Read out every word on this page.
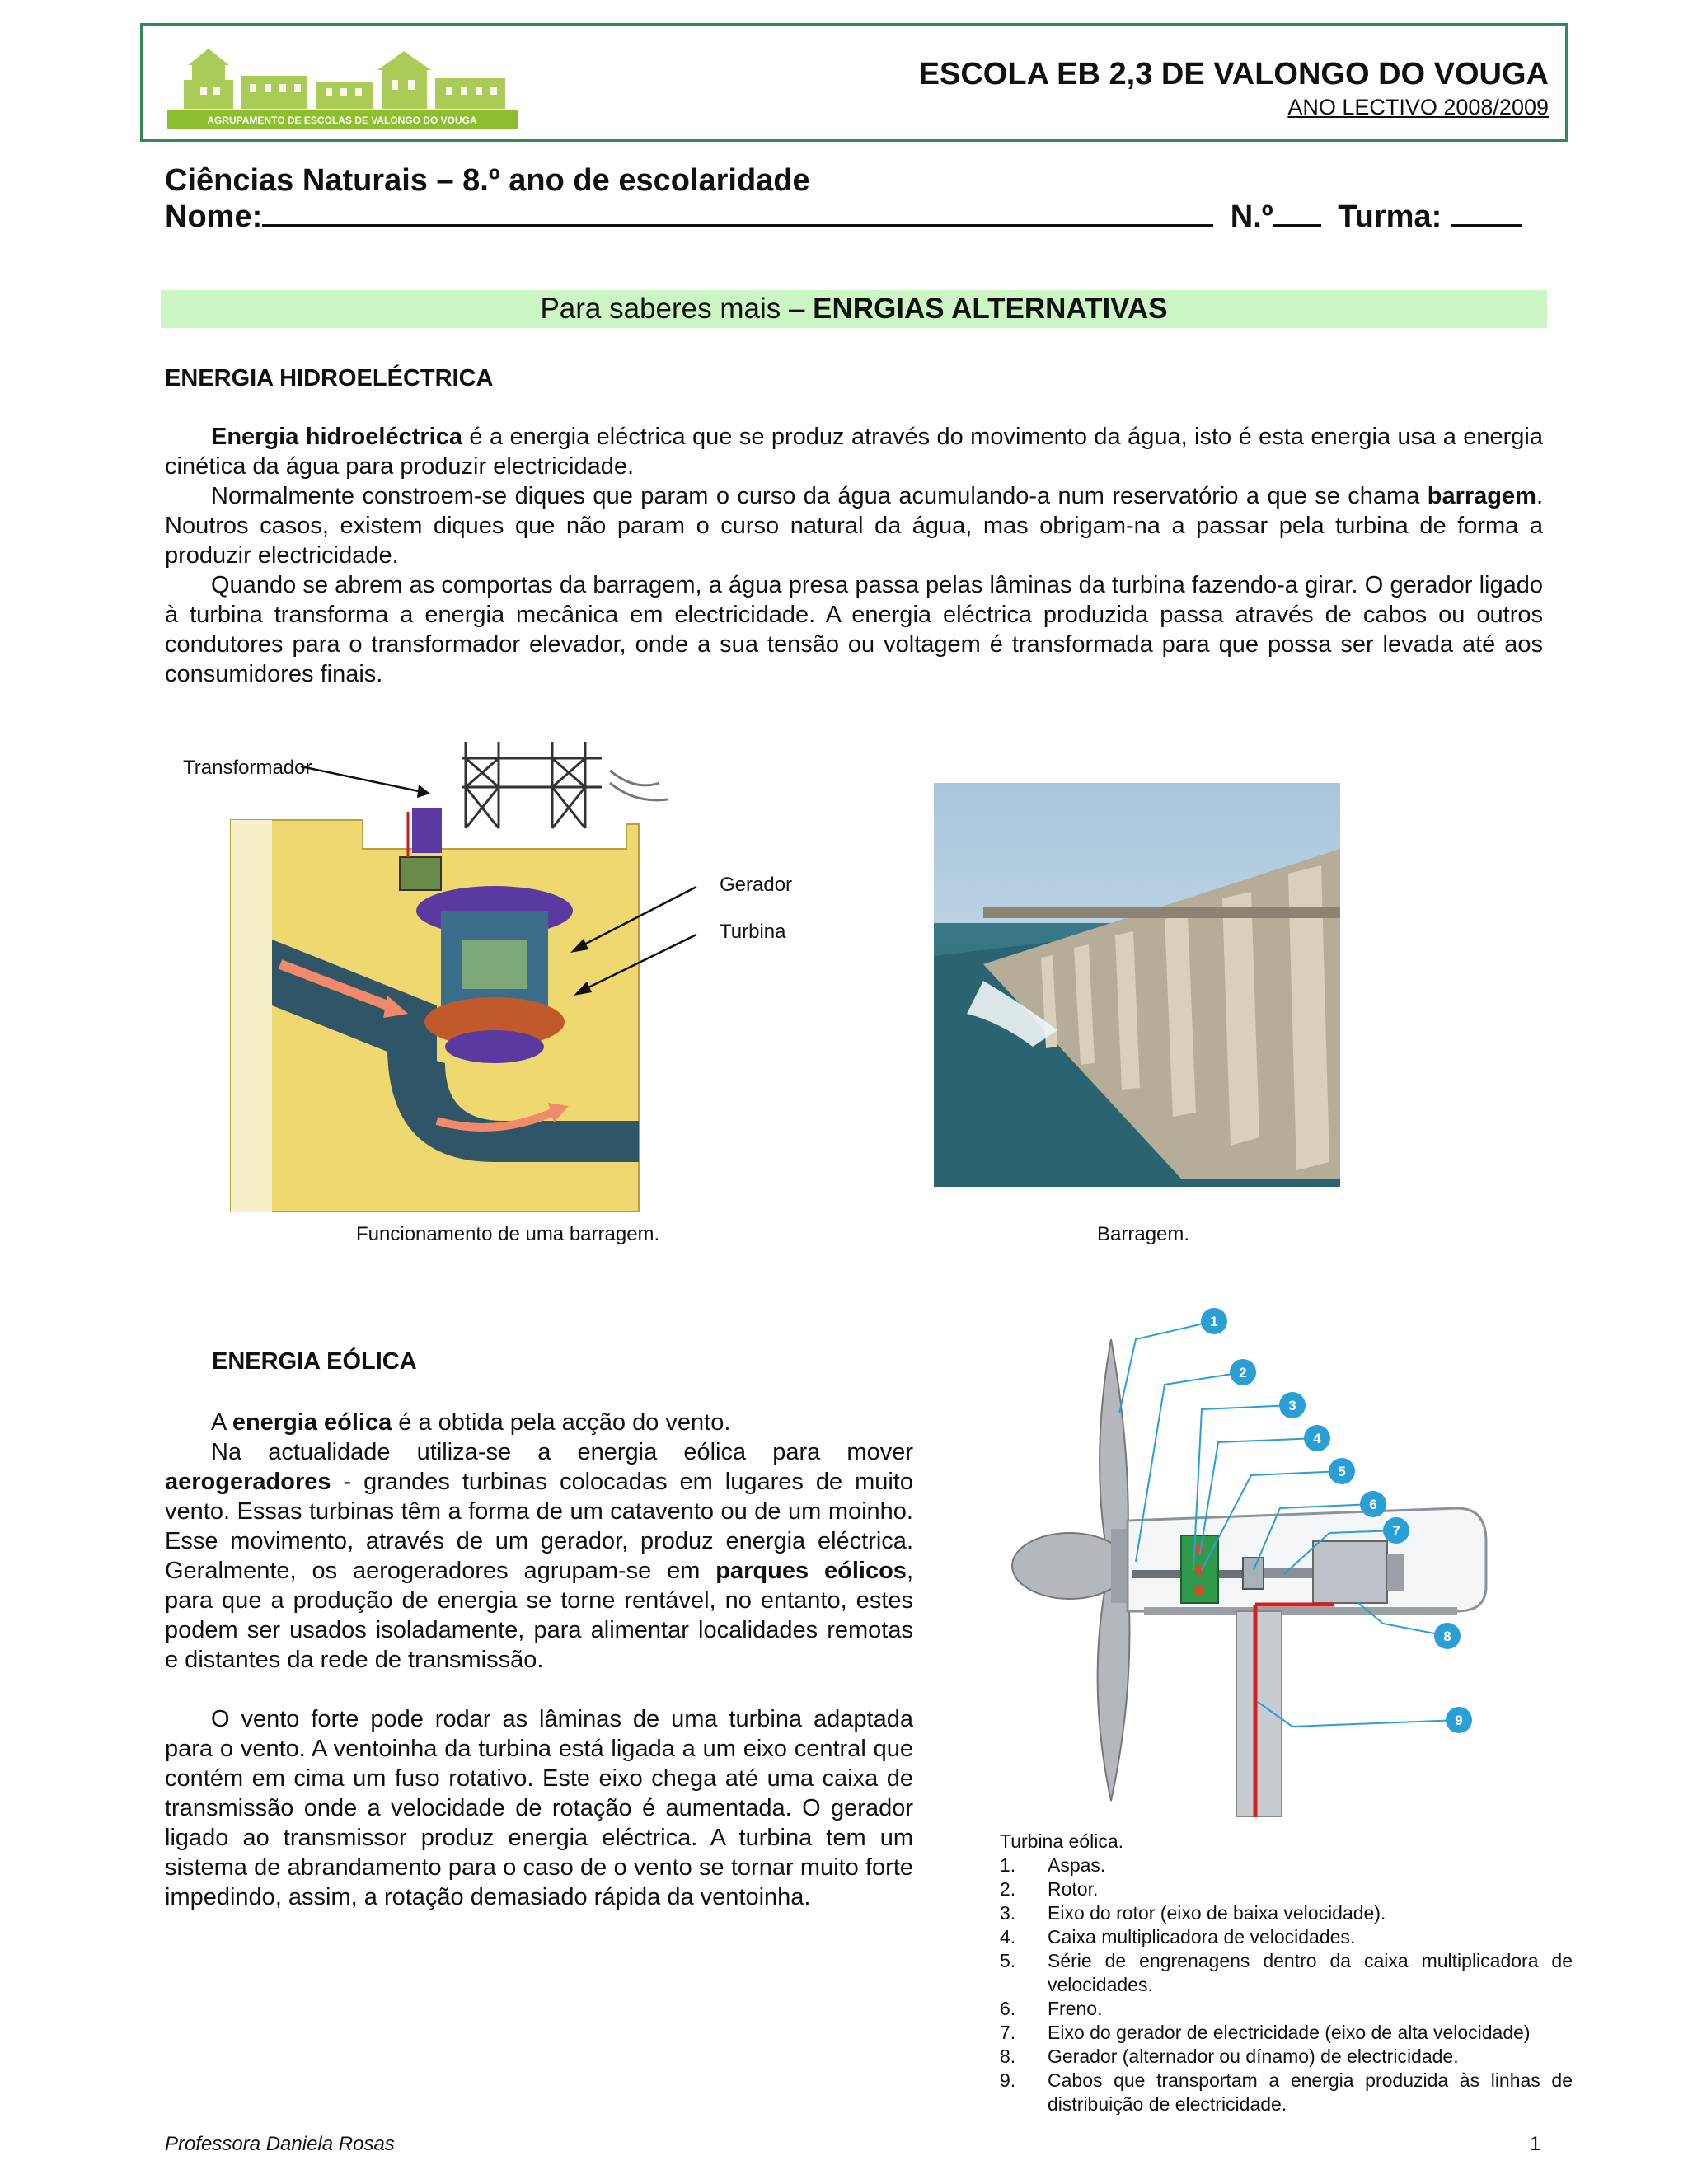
AGRUPAMENTO DE ESCOLAS DE VALONGO DO VOUGA
ESCOLA EB 2,3 DE VALONGO DO VOUGA
ANO LECTIVO 2008/2009
Ciências Naturais – 8.º ano de escolaridade
Nome:	N.º Turma:
Para saberes mais – ENRGIAS ALTERNATIVAS
ENERGIA HIDROELÉCTRICA
Energia hidroeléctrica é a energia eléctrica que se produz através do movimento da água, isto é esta energia usa a energia cinética da água para produzir electricidade.
Normalmente constroem-se diques que param o curso da água acumulando-a num reservatório a que se chama barragem. Noutros casos, existem diques que não param o curso natural da água, mas obrigam-na a passar pela turbina de forma a produzir electricidade.
Quando se abrem as comportas da barragem, a água presa passa pelas lâminas da turbina fazendo-a girar. O gerador ligado à turbina transforma a energia mecânica em electricidade. A energia eléctrica produzida passa através de cabos ou outros condutores para o transformador elevador, onde a sua tensão ou voltagem é transformada para que possa ser levada até aos consumidores finais.
Transformador
Gerador
Turbina
Funcionamento de uma barragem.	Barragem.
ENERGIA EÓLICA
A energia eólica é a obtida pela acção do vento.
Na actualidade utiliza-se a energia eólica para mover aerogeradores - grandes turbinas colocadas em lugares de muito vento. Essas turbinas têm a forma de um catavento ou de um moinho. Esse movimento, através de um gerador, produz energia eléctrica. Geralmente, os aerogeradores agrupam-se em parques eólicos, para que a produção de energia se torne rentável, no entanto, estes podem ser usados isoladamente, para alimentar localidades remotas e distantes da rede de transmissão.
O vento forte pode rodar as lâminas de uma turbina adaptada para o vento. A ventoinha da turbina está ligada a um eixo central que contém em cima um fuso rotativo. Este eixo chega até uma caixa de transmissão onde a velocidade de rotação é aumentada. O gerador ligado ao transmissor produz energia eléctrica. A turbina tem um sistema de abrandamento para o caso de o vento se tornar muito forte impedindo, assim, a rotação demasiado rápida da ventoinha.
1
2
3
4
5
6
7
8
9
Turbina eólica.
1. Aspas.
2. Rotor.
3. Eixo do rotor (eixo de baixa velocidade).
4. Caixa multiplicadora de velocidades.
5. Série de engrenagens dentro da caixa multiplicadora de velocidades.
6. Freno.
7. Eixo do gerador de electricidade (eixo de alta velocidade)
8. Gerador (alternador ou dínamo) de electricidade.
9. Cabos que transportam a energia produzida às linhas de distribuição de electricidade.
Professora Daniela Rosas	1
